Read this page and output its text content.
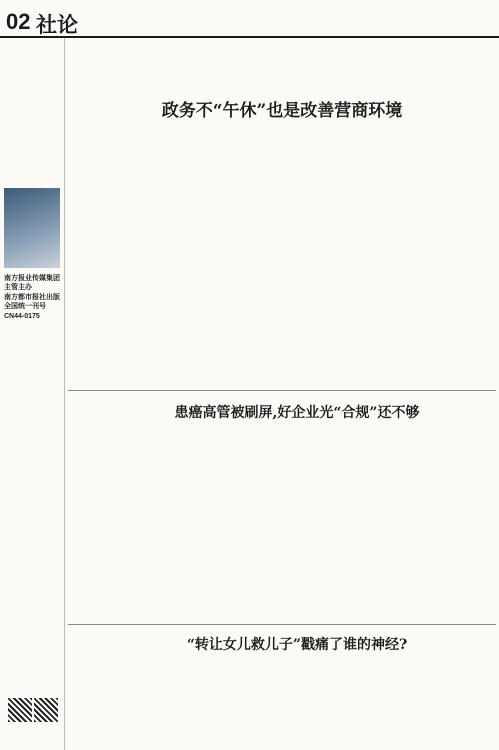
02 社论
南方报业传媒集团
主管主办
南方都市报社出版
全国统一刊号
CN44-0175
政务不“午休”也是改善营商环境
患癌高管被刷屏,好企业光“合规”还不够
“转让女儿救儿子”戳痛了谁的神经?
